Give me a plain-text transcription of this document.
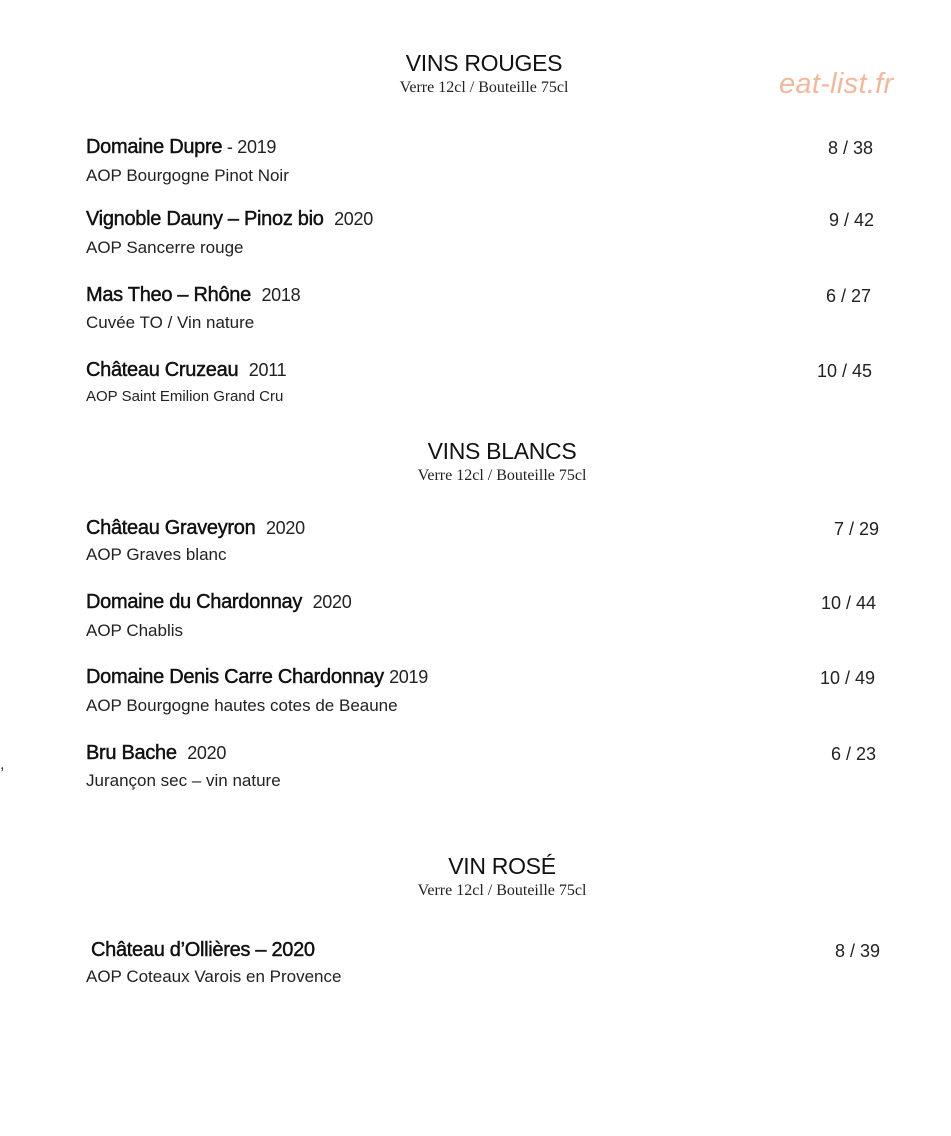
eat-list.fr
,
VINS ROUGES
Verre 12cl / Bouteille 75cl
Domaine Dupre - 2019
AOP Bourgogne Pinot Noir
8 / 38
Vignoble Dauny – Pinoz bio 2020
AOP Sancerre rouge
9 / 42
Mas Theo – Rhône 2018
Cuvée TO / Vin nature
6 / 27
Château Cruzeau 2011
AOP Saint Emilion Grand Cru
10 / 45
VINS BLANCS
Verre 12cl / Bouteille 75cl
Château Graveyron 2020
AOP Graves blanc
7 / 29
Domaine du Chardonnay 2020
AOP Chablis
10 / 44
Domaine Denis Carre Chardonnay 2019
AOP Bourgogne hautes cotes de Beaune
10 / 49
Bru Bache 2020
Jurançon sec – vin nature
6 / 23
VIN ROSÉ
Verre 12cl / Bouteille 75cl
Château d’Ollières – 2020
AOP Coteaux Varois en Provence
8 / 39
